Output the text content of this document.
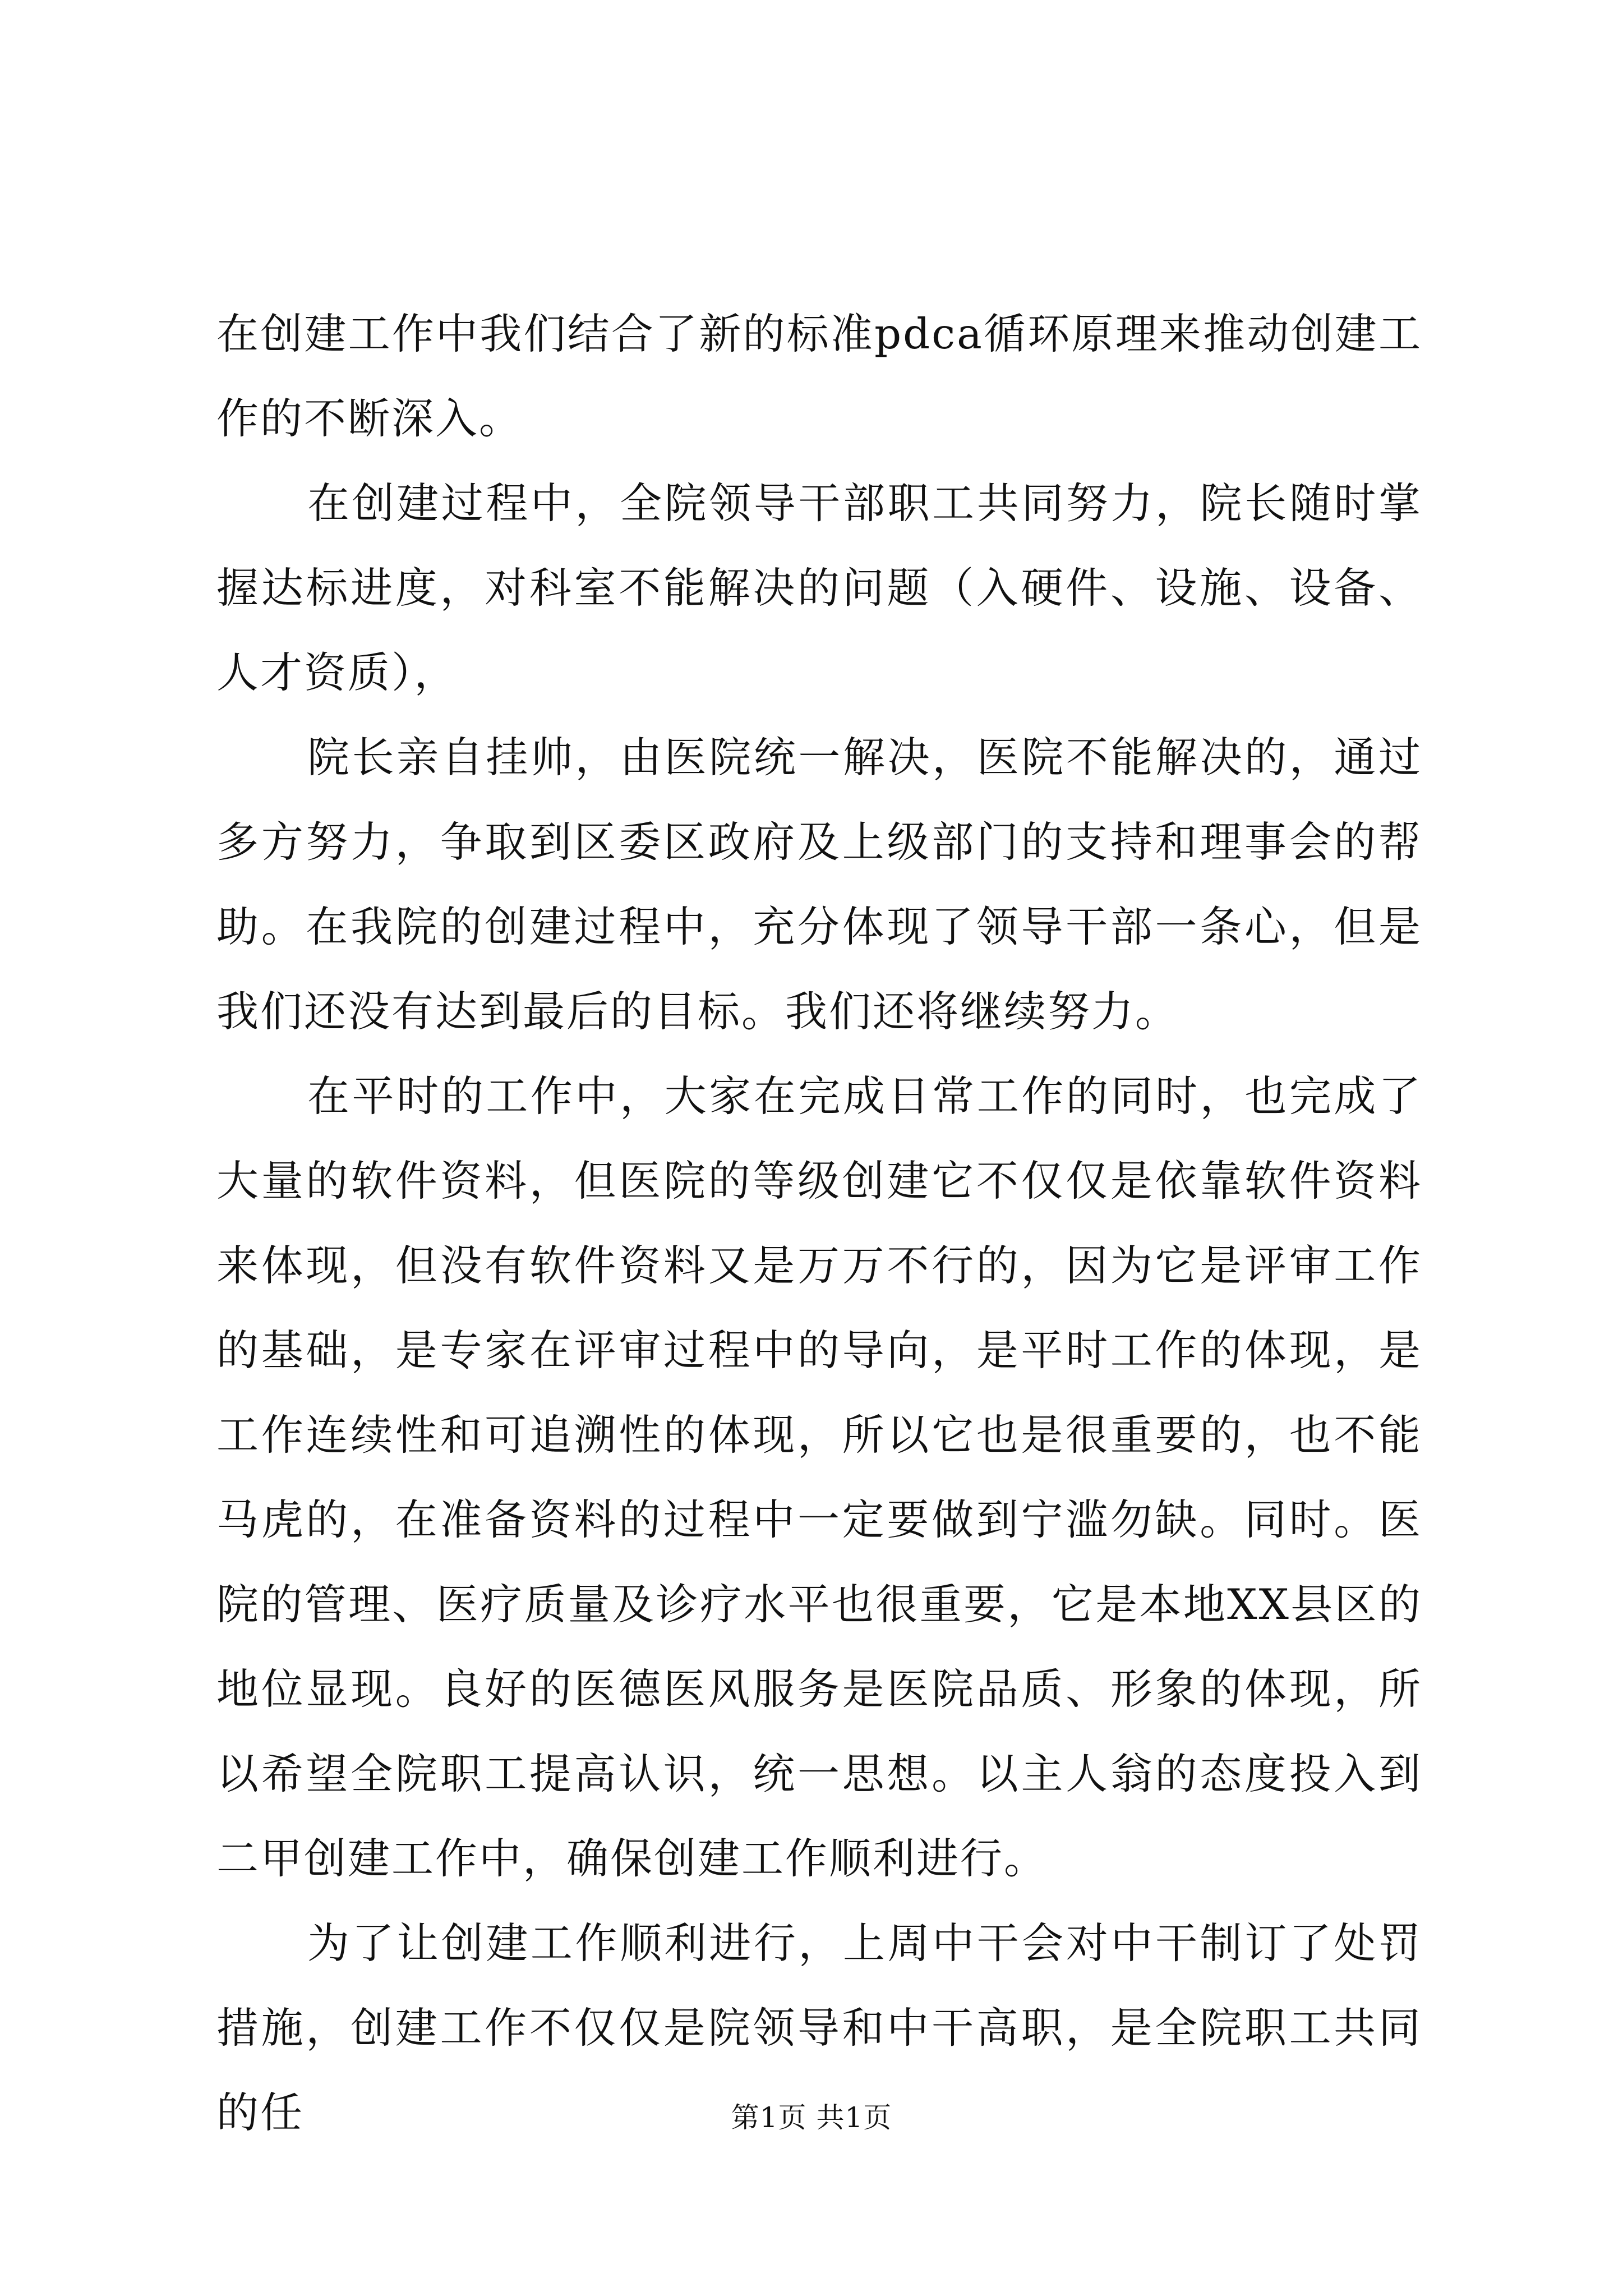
在创建工作中我们结合了新的标准pdca循环原理来推动创建工作的不断深入。

在创建过程中，全院领导干部职工共同努力，院长随时掌握达标进度，对科室不能解决的问题（入硬件、设施、设备、人才资质），

院长亲自挂帅，由医院统一解决，医院不能解决的，通过多方努力，争取到区委区政府及上级部门的支持和理事会的帮助。在我院的创建过程中，充分体现了领导干部一条心，但是我们还没有达到最后的目标。我们还将继续努力。

在平时的工作中，大家在完成日常工作的同时，也完成了大量的软件资料，但医院的等级创建它不仅仅是依靠软件资料来体现，但没有软件资料又是万万不行的，因为它是评审工作的基础，是专家在评审过程中的导向，是平时工作的体现，是工作连续性和可追溯性的体现，所以它也是很重要的，也不能马虎的，在准备资料的过程中一定要做到宁滥勿缺。同时。医院的管理、医疗质量及诊疗水平也很重要，它是本地XX县区的地位显现。良好的医德医风服务是医院品质、形象的体现，所以希望全院职工提高认识，统一思想。以主人翁的态度投入到二甲创建工作中，确保创建工作顺利进行。

为了让创建工作顺利进行，上周中干会对中干制订了处罚措施，创建工作不仅仅是院领导和中干高职，是全院职工共同的任	第1页 共1页
